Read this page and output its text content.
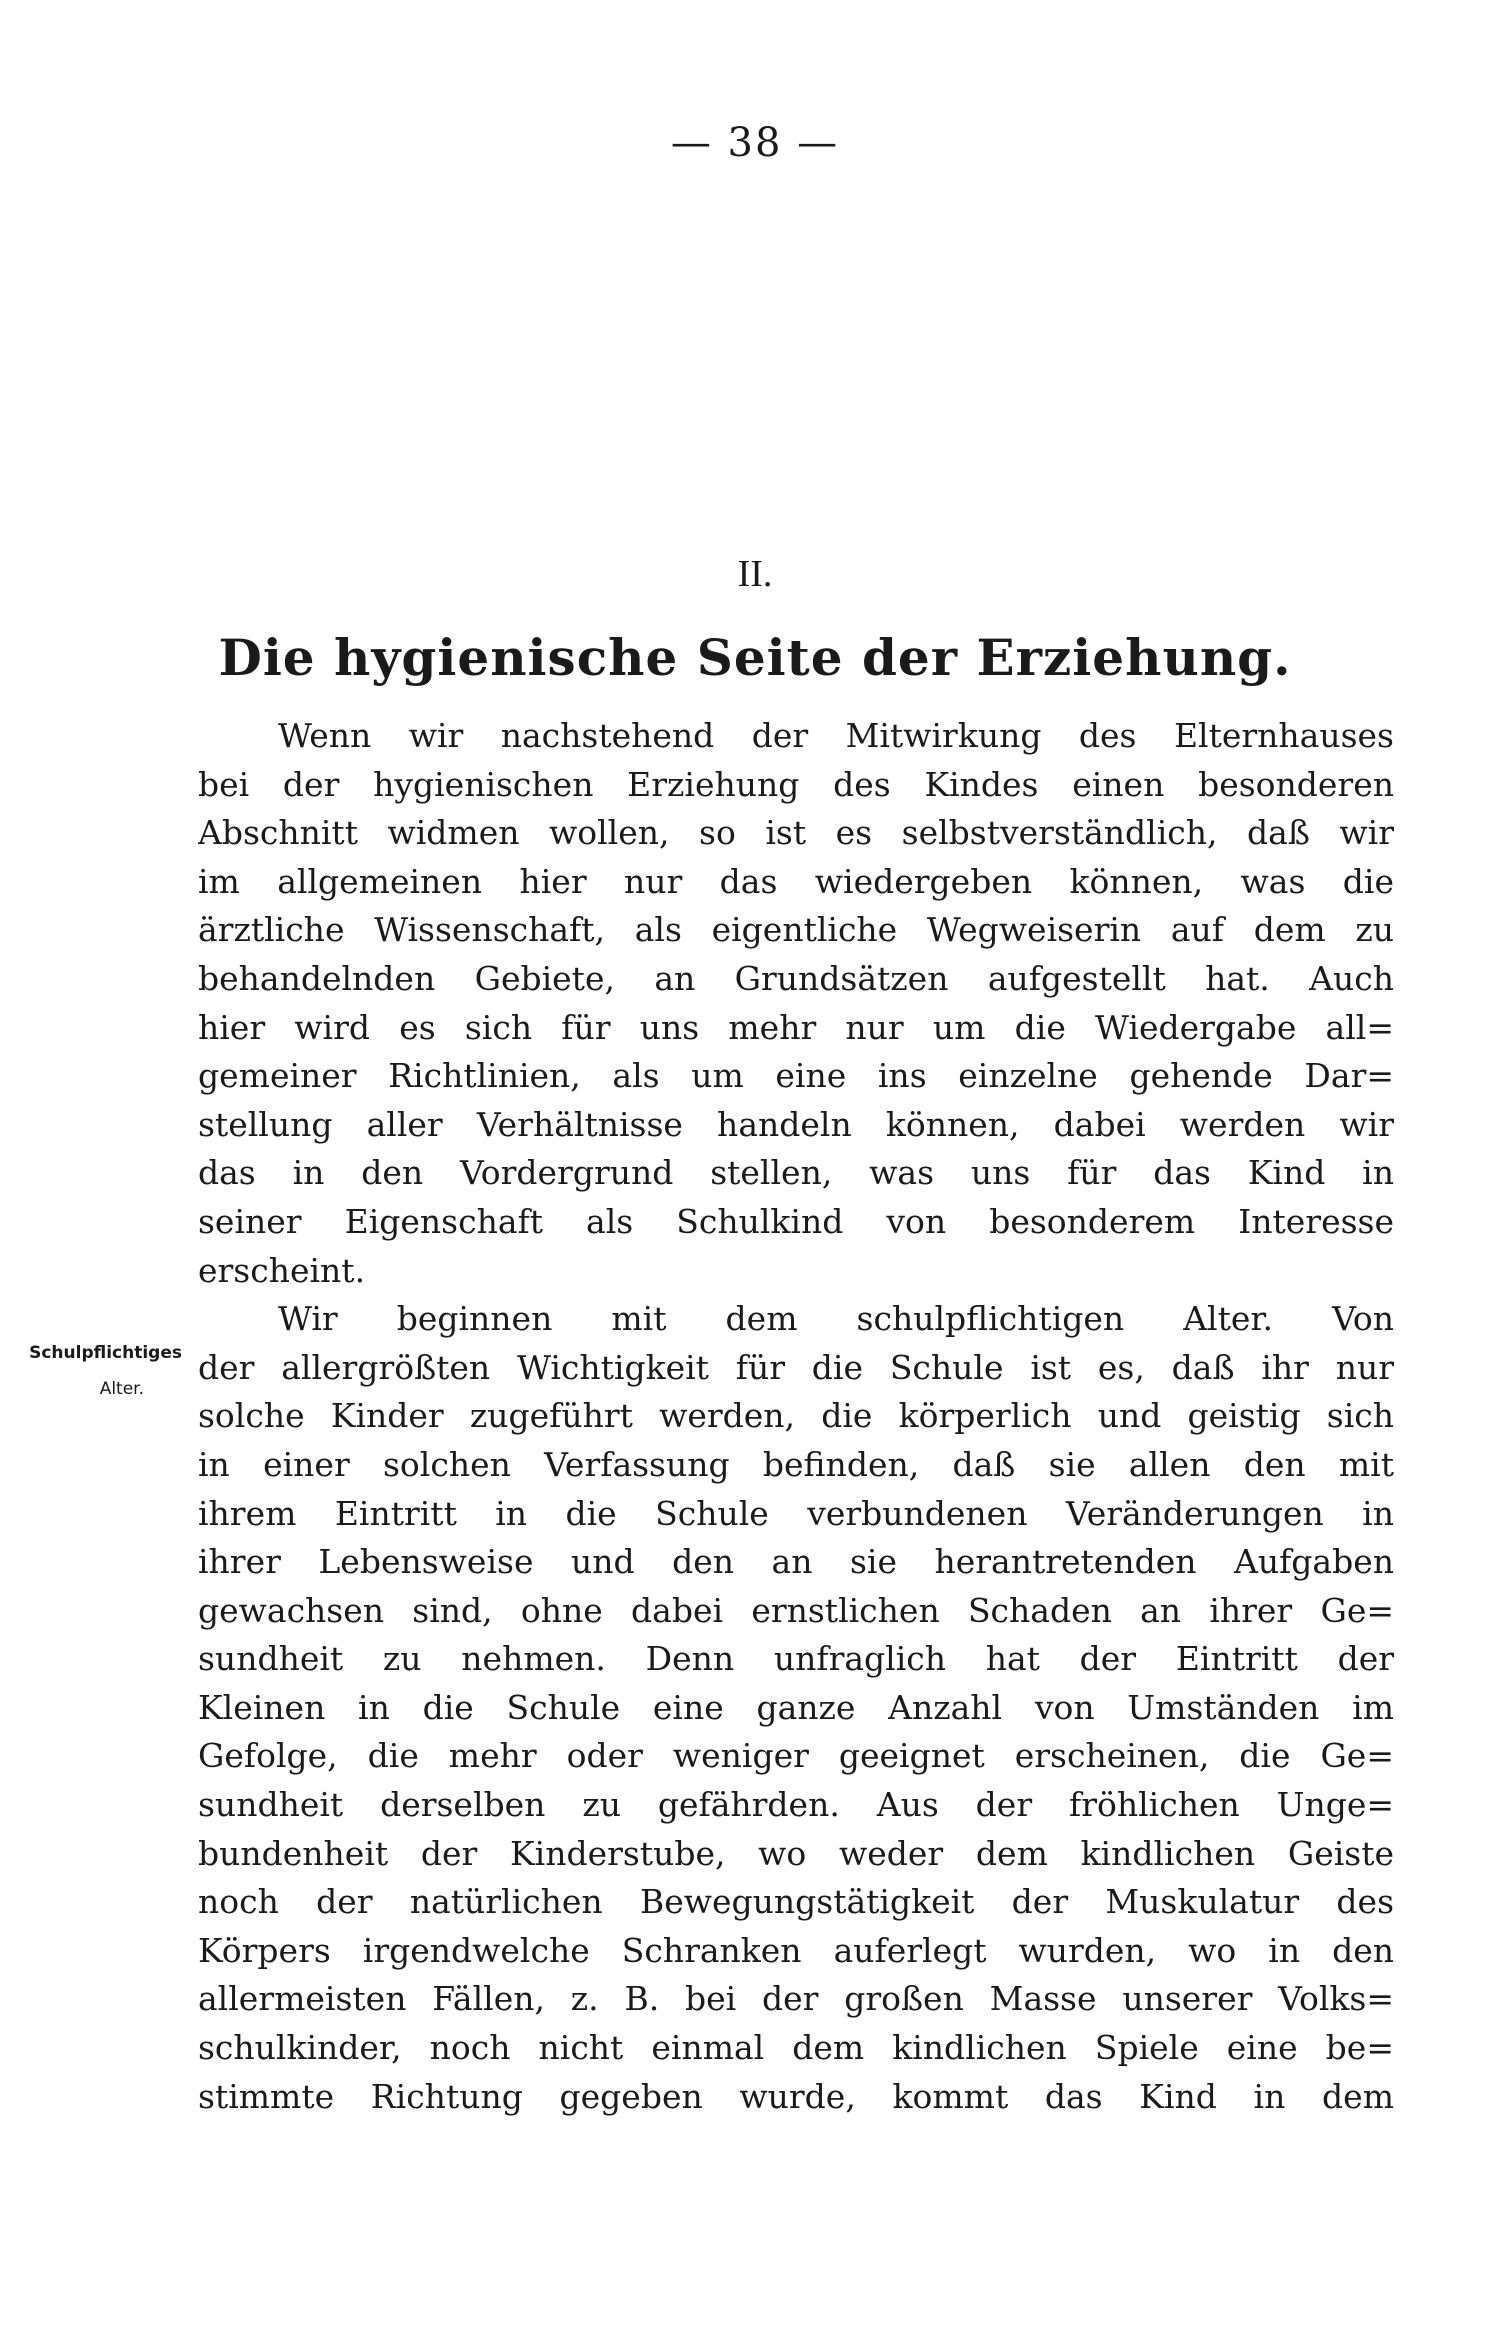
— 38 —
II.
Die hygienische Seite der Erziehung.
Schulpflichtiges
Alter.
Wenn wir nachstehend der Mitwirkung des Elternhauses
bei der hygienischen Erziehung des Kindes einen besonderen
Abschnitt widmen wollen, so ist es selbstverständlich, daß wir
im allgemeinen hier nur das wiedergeben können, was die
ärztliche Wissenschaft, als eigentliche Wegweiserin auf dem zu
behandelnden Gebiete, an Grundsätzen aufgestellt hat. Auch
hier wird es sich für uns mehr nur um die Wiedergabe all=
gemeiner Richtlinien, als um eine ins einzelne gehende Dar=
stellung aller Verhältnisse handeln können, dabei werden wir
das in den Vordergrund stellen, was uns für das Kind in
seiner Eigenschaft als Schulkind von besonderem Interesse
erscheint.
Wir beginnen mit dem schulpflichtigen Alter. Von
der allergrößten Wichtigkeit für die Schule ist es, daß ihr nur
solche Kinder zugeführt werden, die körperlich und geistig sich
in einer solchen Verfassung befinden, daß sie allen den mit
ihrem Eintritt in die Schule verbundenen Veränderungen in
ihrer Lebensweise und den an sie herantretenden Aufgaben
gewachsen sind, ohne dabei ernstlichen Schaden an ihrer Ge=
sundheit zu nehmen. Denn unfraglich hat der Eintritt der
Kleinen in die Schule eine ganze Anzahl von Umständen im
Gefolge, die mehr oder weniger geeignet erscheinen, die Ge=
sundheit derselben zu gefährden. Aus der fröhlichen Unge=
bundenheit der Kinderstube, wo weder dem kindlichen Geiste
noch der natürlichen Bewegungstätigkeit der Muskulatur des
Körpers irgendwelche Schranken auferlegt wurden, wo in den
allermeisten Fällen, z. B. bei der großen Masse unserer Volks=
schulkinder, noch nicht einmal dem kindlichen Spiele eine be=
stimmte Richtung gegeben wurde, kommt das Kind in dem
